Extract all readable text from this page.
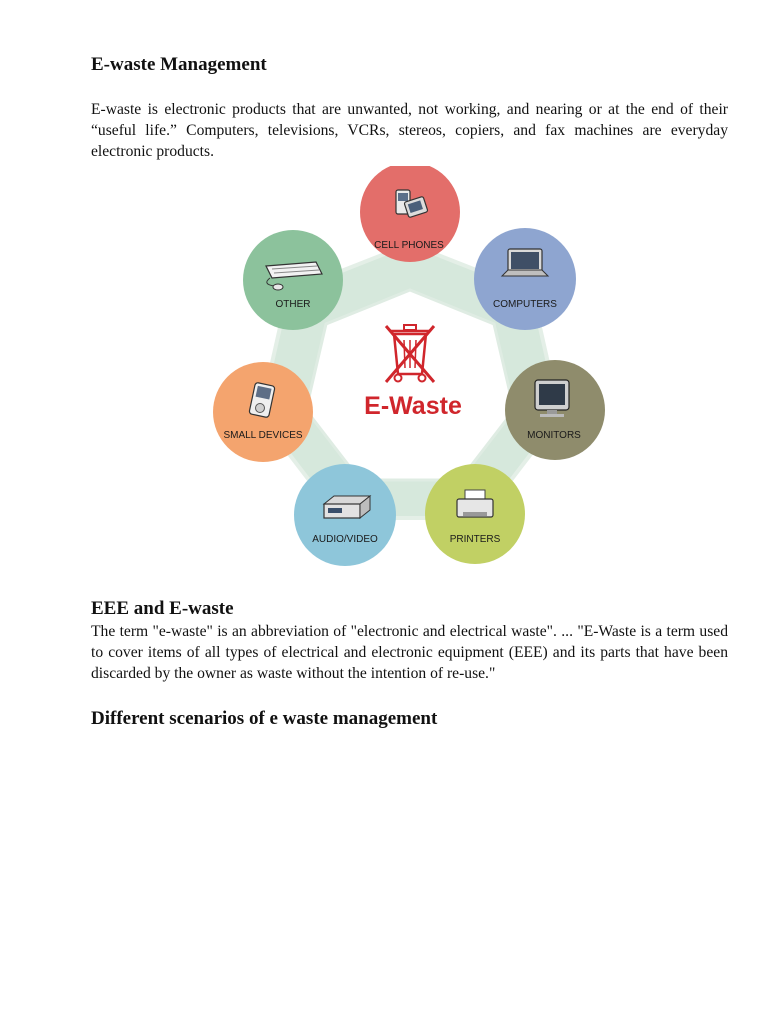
E-waste Management

E-waste is electronic products that are unwanted, not working, and nearing or at the end of their “useful life.” Computers, televisions, VCRs, stereos, copiers, and fax machines are everyday electronic products.

E-Waste
CELL PHONES
COMPUTERS
MONITORS
PRINTERS
AUDIO/VIDEO
SMALL DEVICES
OTHER
EEE and E-waste

The term "e-waste" is an abbreviation of "electronic and electrical waste". ... "E-Waste is a term used to cover items of all types of electrical and electronic equipment (EEE) and its parts that have been discarded by the owner as waste without the intention of re-use."

Different scenarios of e waste management
